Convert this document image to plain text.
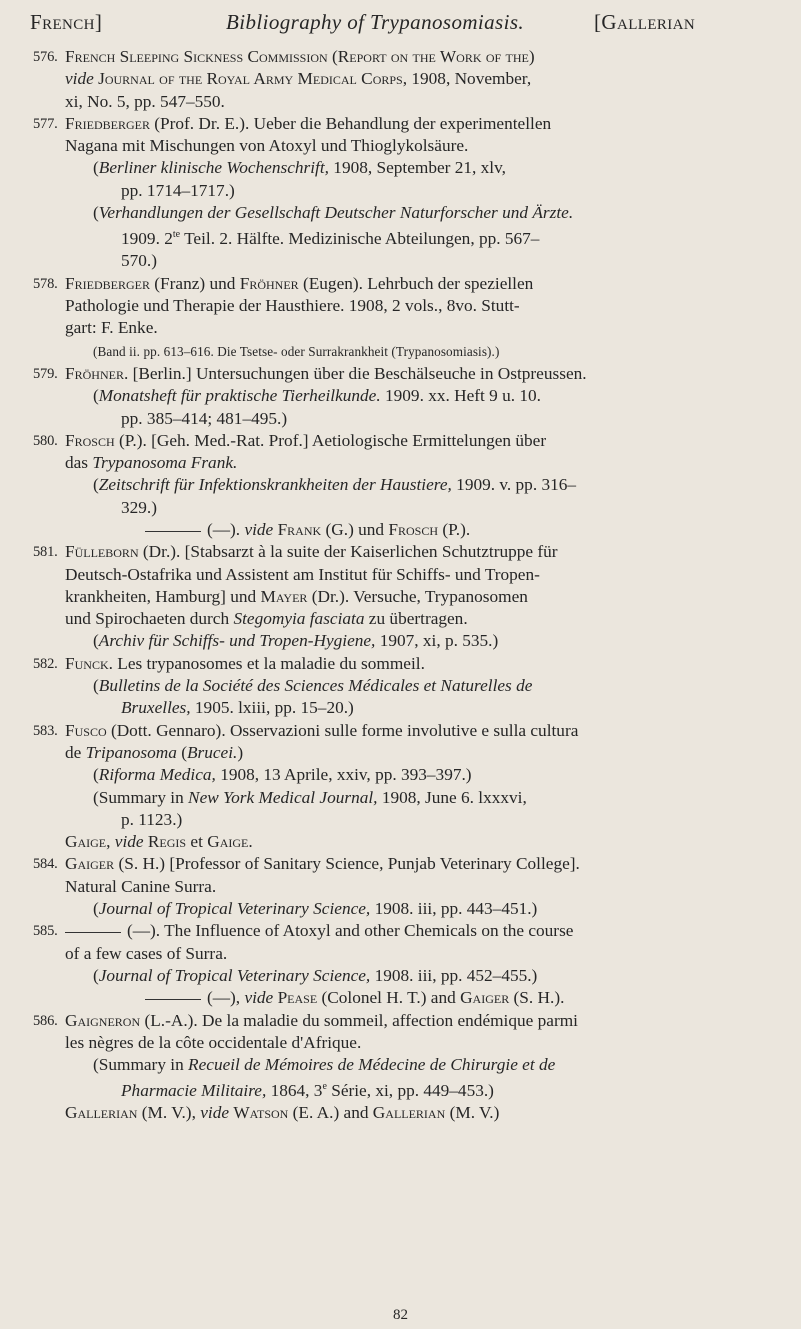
French]	Bibliography of Trypanosomiasis.	[Gallerian
576. French Sleeping Sickness Commission (Report on the Work of the)
vide Journal of the Royal Army Medical Corps, 1908, November,
xi, No. 5, pp. 547–550.
577. Friedberger (Prof. Dr. E.). Ueber die Behandlung der experimentellen
Nagana mit Mischungen von Atoxyl und Thioglykolsäure.
(Berliner klinische Wochenschrift, 1908, September 21, xlv,
pp. 1714–1717.)
(Verhandlungen der Gesellschaft Deutscher Naturforscher und Ärzte.
1909. $2^{te}$ Teil. 2. Hälfte. Medizinische Abteilungen, pp. 567–
570.)
578. Friedberger (Franz) und Fröhner (Eugen). Lehrbuch der speziellen
Pathologie und Therapie der Hausthiere. 1908, 2 vols., 8vo. Stutt-
gart: F. Enke.
(Band ii. pp. 613–616. Die Tsetse- oder Surrakrankheit (Trypanosomiasis).)
579. Fröhner. [Berlin.] Untersuchungen über die Beschälseuche in Ostpreussen.
(Monatsheft für praktische Tierheilkunde. 1909. xx. Heft 9 u. 10.
pp. 385–414; 481–495.)
580. Frosch (P.). [Geh. Med.-Rat. Prof.] Aetiologische Ermittelungen über
das Trypanosoma Frank.
(Zeitschrift für Infektionskrankheiten der Haustiere, 1909. v. pp. 316–
329.)
(—). vide Frank (G.) und Frosch (P.).
581. Fülleborn (Dr.). [Stabsarzt à la suite der Kaiserlichen Schutztruppe für
Deutsch-Ostafrika und Assistent am Institut für Schiffs- und Tropen-
krankheiten, Hamburg] und Mayer (Dr.). Versuche, Trypanosomen
und Spirochaeten durch Stegomyia fasciata zu übertragen.
(Archiv für Schiffs- und Tropen-Hygiene, 1907, xi, p. 535.)
582. Funck. Les trypanosomes et la maladie du sommeil.
(Bulletins de la Société des Sciences Médicales et Naturelles de
Bruxelles, 1905. lxiii, pp. 15–20.)
583. Fusco (Dott. Gennaro). Osservazioni sulle forme involutive e sulla cultura
de Tripanosoma (Brucei.)
(Riforma Medica, 1908, 13 Aprile, xxiv, pp. 393–397.)
(Summary in New York Medical Journal, 1908, June 6. lxxxvi,
p. 1123.)
Gaige, vide Regis et Gaige.
584. Gaiger (S. H.) [Professor of Sanitary Science, Punjab Veterinary College].
Natural Canine Surra.
(Journal of Tropical Veterinary Science, 1908. iii, pp. 443–451.)
585.	(—). The Influence of Atoxyl and other Chemicals on the course
of a few cases of Surra.
(Journal of Tropical Veterinary Science, 1908. iii, pp. 452–455.)
(—), vide Pease (Colonel H. T.) and Gaiger (S. H.).
586. Gaigneron (L.-A.). De la maladie du sommeil, affection endémique parmi
les nègres de la côte occidentale d'Afrique.
(Summary in Recueil de Mémoires de Médecine de Chirurgie et de
Pharmacie Militaire, 1864, 3e Série, xi, pp. 449–453.)
Gallerian (M. V.), vide Watson (E. A.) and Gallerian (M. V.)
82
